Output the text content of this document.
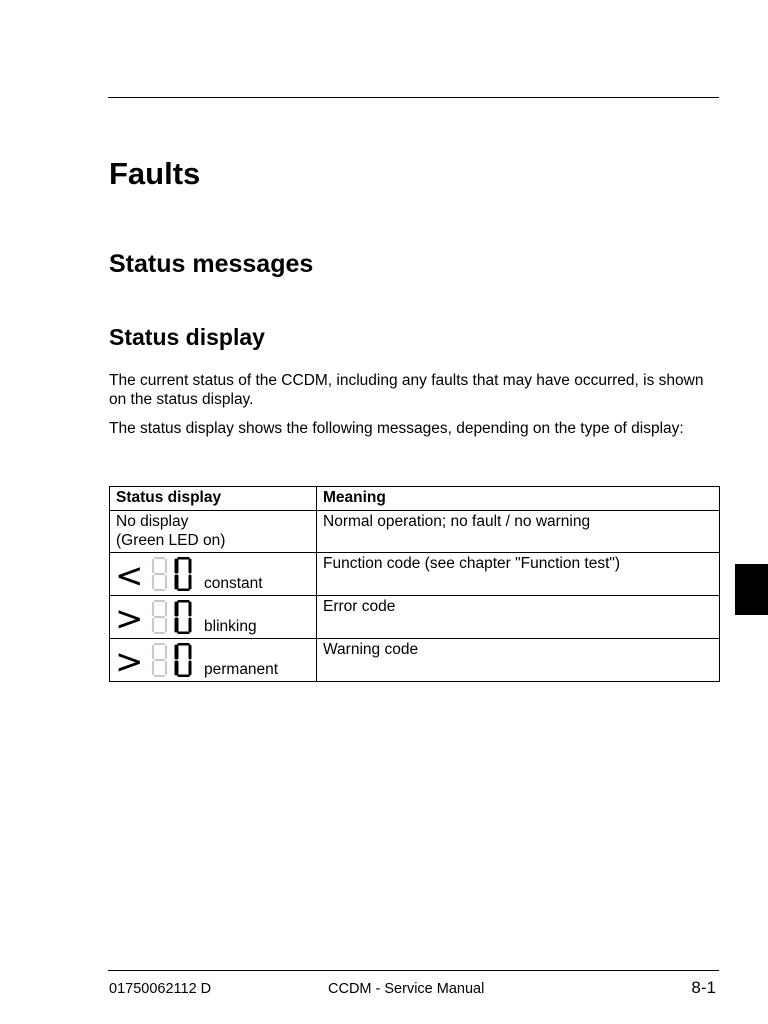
Faults
Status messages
Status display

The current status of the CCDM, including any faults that may have occurred, is shown on the status display.

The status display shows the following messages, depending on the type of display:

Status display	Meaning

No display
(Green LED on)	Normal operation; no fault / no warning

< constant	Function code (see chapter "Function test")

> blinking	Error code

> permanent	Warning code
01750062112 D	CCDM - Service Manual	8-1
